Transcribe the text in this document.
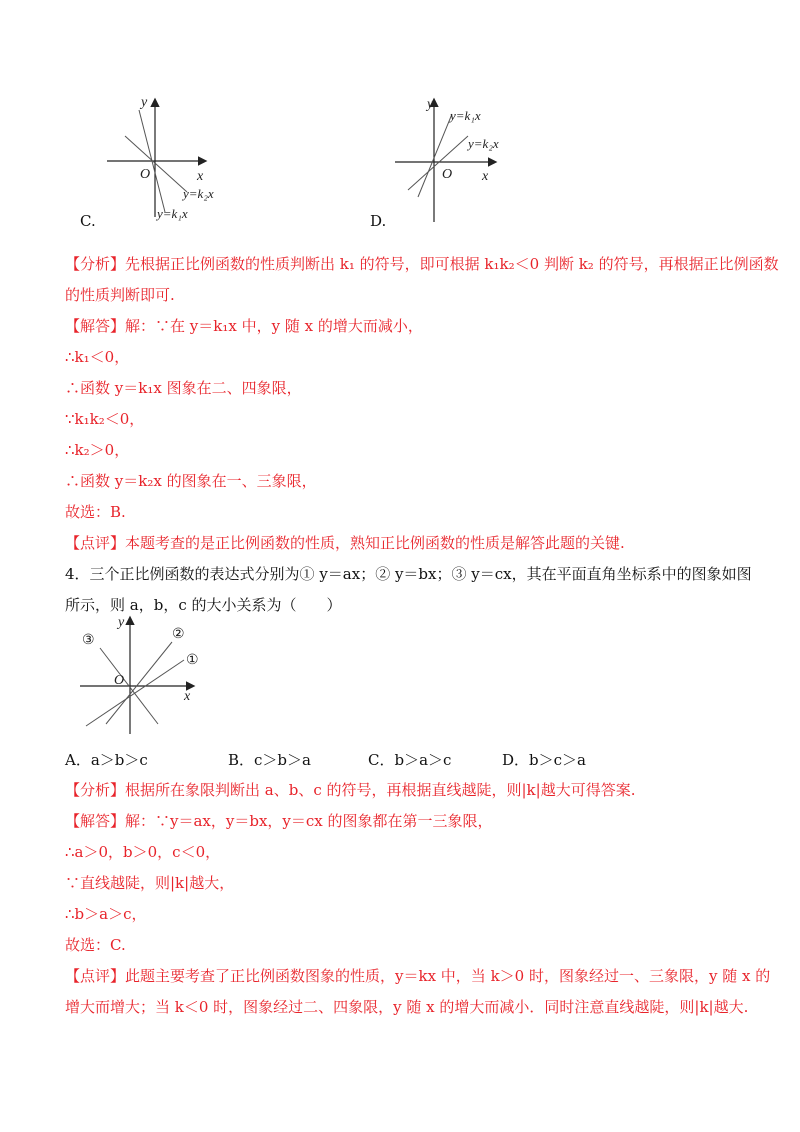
y
x
O
y=k₂x
y=k₁x
C.
y
x
O
y=k₁x
y=k₂x
D.
【分析】先根据正比例函数的性质判断出 k₁ 的符号，即可根据 k₁k₂＜0 判断 k₂ 的符号，再根据正比例函数
的性质判断即可.
【解答】解：∵在 y＝k₁x 中，y 随 x 的增大而减小，
∴k₁＜0，
∴函数 y＝k₁x 图象在二、四象限，
∵k₁k₂＜0，
∴k₂＞0，
∴函数 y＝k₂x 的图象在一、三象限，
故选：B.
【点评】本题考查的是正比例函数的性质，熟知正比例函数的性质是解答此题的关键.
4．三个正比例函数的表达式分别为① y＝ax；② y＝bx；③ y＝cx，其在平面直角坐标系中的图象如图
所示，则 a，b，c 的大小关系为（　　）
y
x
O
①
②
③
A．a＞b＞c	B．c＞b＞a	C．b＞a＞c	D．b＞c＞a
【分析】根据所在象限判断出 a、b、c 的符号，再根据直线越陡，则|k|越大可得答案.
【解答】解：∵y＝ax，y＝bx，y＝cx 的图象都在第一三象限，
∴a＞0，b＞0，c＜0，
∵直线越陡，则|k|越大，
∴b＞a＞c，
故选：C.
【点评】此题主要考查了正比例函数图象的性质，y＝kx 中，当 k＞0 时，图象经过一、三象限，y 随 x 的
增大而增大；当 k＜0 时，图象经过二、四象限，y 随 x 的增大而减小．同时注意直线越陡，则|k|越大.
